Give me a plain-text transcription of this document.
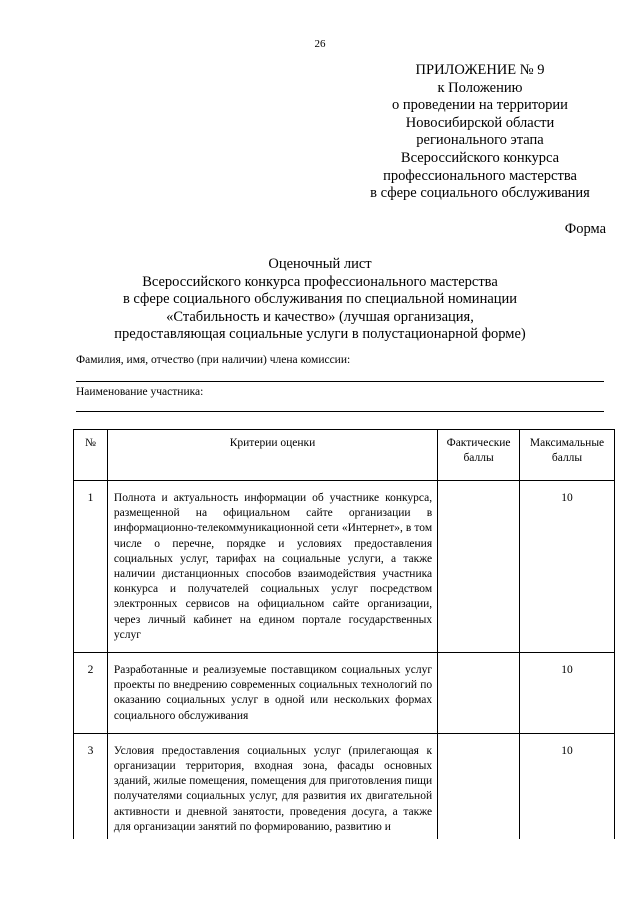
26
ПРИЛОЖЕНИЕ № 9
к Положению
о проведении на территории
Новосибирской области
регионального этапа
Всероссийского конкурса
профессионального мастерства
в сфере социального обслуживания
Форма
Оценочный лист
Всероссийского конкурса профессионального мастерства
в сфере социального обслуживания по специальной номинации
«Стабильность и качество» (лучшая организация,
предоставляющая социальные услуги в полустационарной форме)
Фамилия, имя, отчество (при наличии) члена комиссии:
Наименование участника:
№	Критерии оценки	Фактические баллы	Максимальные баллы
1	Полнота и актуальность информации об участнике конкурса, размещенной на официальном сайте организации в информационно-телекоммуникационной сети «Интернет», в том числе о перечне, порядке и условиях предоставления социальных услуг, тарифах на социальные услуги, а также наличии дистанционных способов взаимодействия участника конкурса и получателей социальных услуг посредством электронных сервисов на официальном сайте организации, через личный кабинет на едином портале государственных услуг		10
2	Разработанные и реализуемые поставщиком социальных услуг проекты по внедрению современных социальных технологий по оказанию социальных услуг в одной или нескольких формах социального обслуживания		10
3	Условия предоставления социальных услуг (прилегающая к организации территория, входная зона, фасады основных зданий, жилые помещения, помещения для приготовления пищи получателями социальных услуг, для развития их двигательной активности и дневной занятости, проведения досуга, а также для организации занятий по формированию, развитию и		10
